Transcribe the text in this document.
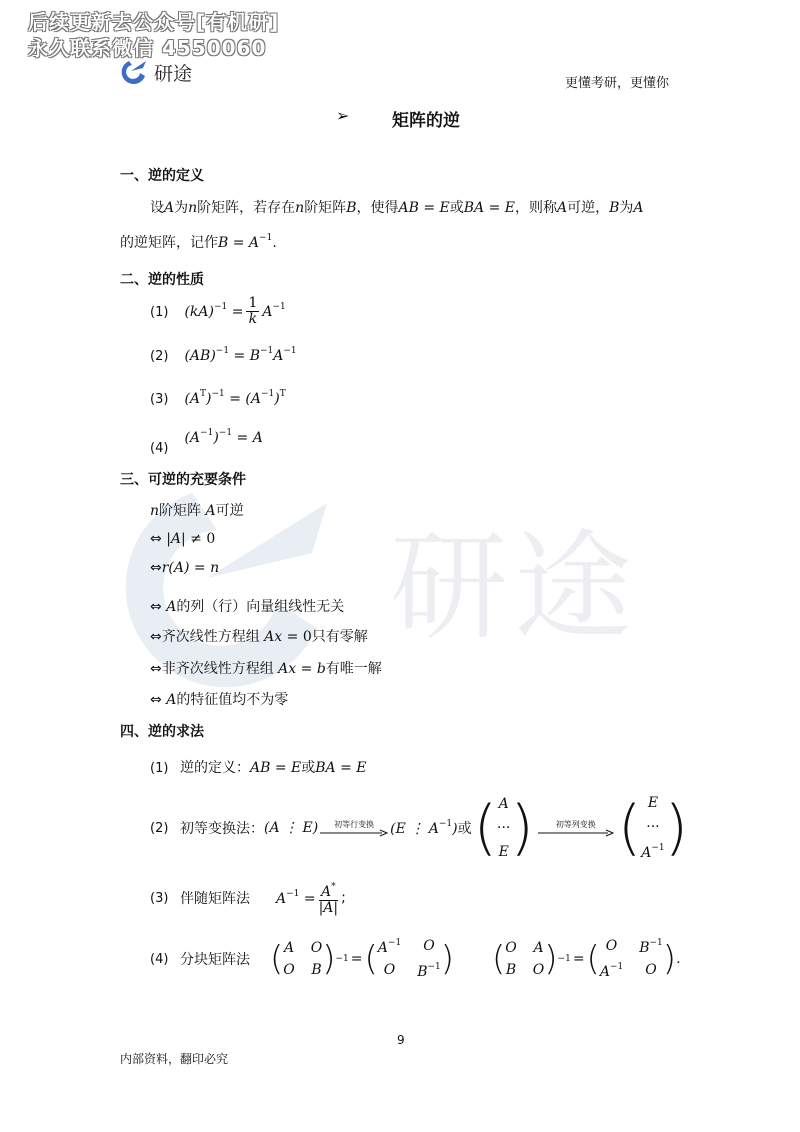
后续更新去公众号[有机研]
永久联系微信 4550060
研途
研途	更懂考研，更懂你
➢	矩阵的逆
一、逆的定义
设A为n阶矩阵，若存在n阶矩阵B，使得AB = E或BA = E，则称A可逆，B为A
的逆矩阵，记作$B = A^{-1}$.
二、逆的性质
(1) $(kA)^{-1} = \frac{1}{k} A^{-1}$
(2) $(AB)^{-1} = B^{-1}A^{-1}$
(3) $(A^T)^{-1} = (A^{-1})^T$
(4) $(A^{-1})^{-1} = A$
三、可逆的充要条件
n阶矩阵 A可逆
⇔ |A| ≠ 0
⇔r(A) = n
⇔ A的列（行）向量组线性无关
⇔齐次线性方程组 Ax = 0只有零解
⇔非齐次线性方程组 Ax = b有唯一解
⇔ A的特征值均不为零
四、逆的求法
(1) 逆的定义：AB = E或BA = E
(2) 初等变换法： (A ⋮ E) 初等行变换 (E ⋮ $A^{-1}$) 或 ( A
···
E )	初等列变换 ( E
···
$A^{-1}$ )
(3) 伴随矩阵法 $A^{-1} = \frac{A^*}{|A|}$ ;
(4) 分块矩阵法 ( A O
O B ) −1 = ( $A^{-1}$	O
O	$B^{-1}$ ) ( O A
B O ) −1 = ( O	$B^{-1}$
$A^{-1}$	O ) .
9
内部资料，翻印必究
